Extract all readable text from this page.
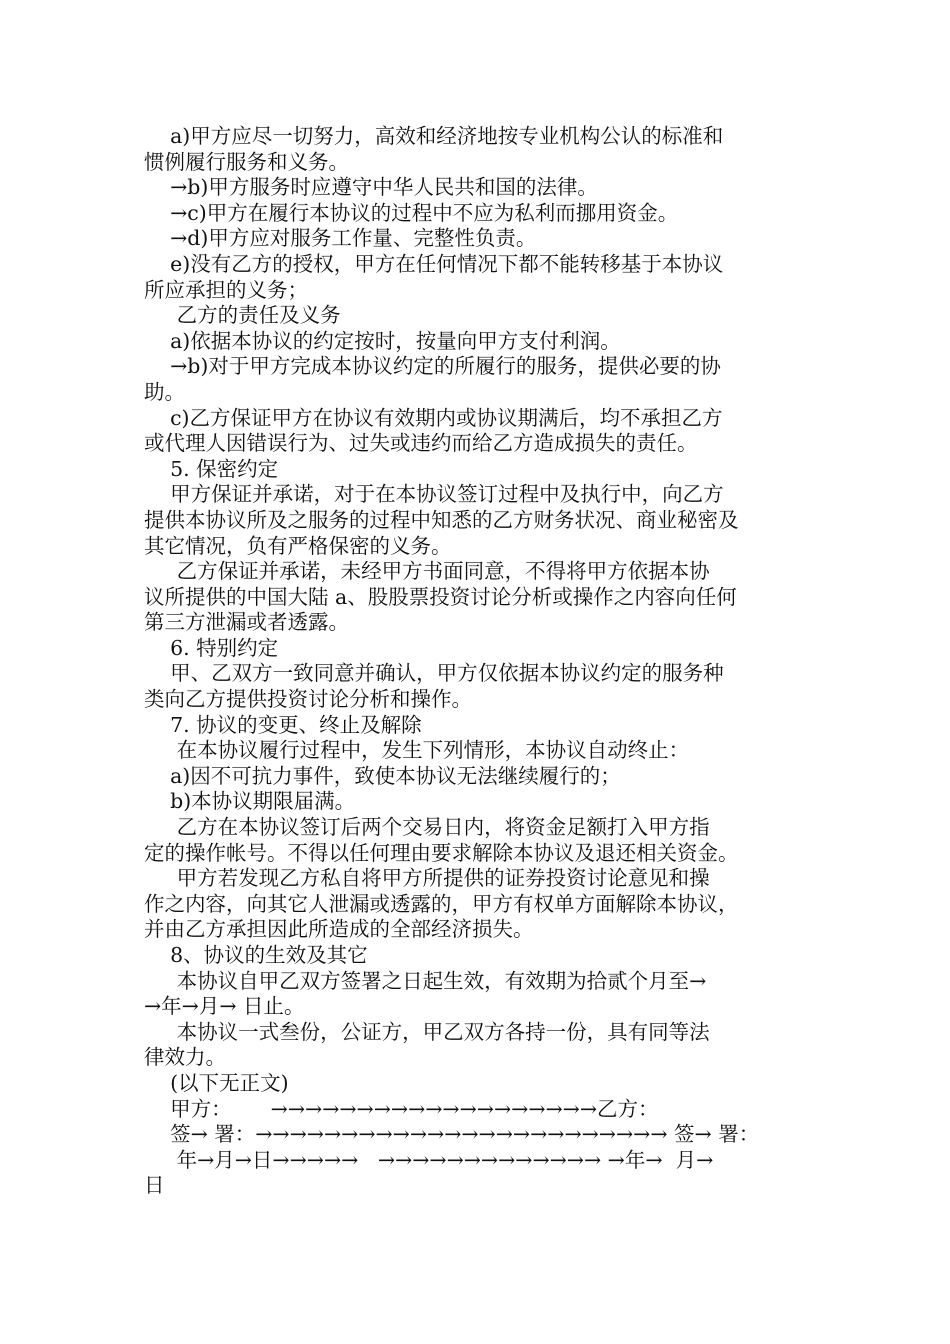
a)甲方应尽一切努力，高效和经济地按专业机构公认的标准和
惯例履行服务和义务。
→b)甲方服务时应遵守中华人民共和国的法律。
→c)甲方在履行本协议的过程中不应为私利而挪用资金。
→d)甲方应对服务工作量、完整性负责。
e)没有乙方的授权，甲方在任何情况下都不能转移基于本协议
所应承担的义务；
乙方的责任及义务
a)依据本协议的约定按时，按量向甲方支付利润。
→b)对于甲方完成本协议约定的所履行的服务，提供必要的协
助。
c)乙方保证甲方在协议有效期内或协议期满后，均不承担乙方
或代理人因错误行为、过失或违约而给乙方造成损失的责任。
5. 保密约定
甲方保证并承诺，对于在本协议签订过程中及执行中，向乙方
提供本协议所及之服务的过程中知悉的乙方财务状况、商业秘密及
其它情况，负有严格保密的义务。
乙方保证并承诺，未经甲方书面同意，不得将甲方依据本协
议所提供的中国大陆 a、股股票投资讨论分析或操作之内容向任何
第三方泄漏或者透露。
6. 特别约定
甲、乙双方一致同意并确认，甲方仅依据本协议约定的服务种
类向乙方提供投资讨论分析和操作。
7. 协议的变更、终止及解除
在本协议履行过程中，发生下列情形，本协议自动终止：
a)因不可抗力事件，致使本协议无法继续履行的；
b)本协议期限届满。
乙方在本协议签订后两个交易日内，将资金足额打入甲方指
定的操作帐号。不得以任何理由要求解除本协议及退还相关资金。
甲方若发现乙方私自将甲方所提供的证券投资讨论意见和操
作之内容，向其它人泄漏或透露的，甲方有权单方面解除本协议，
并由乙方承担因此所造成的全部经济损失。
8、协议的生效及其它
本协议自甲乙双方签署之日起生效，有效期为拾贰个月至→
→年→月→ 日止。
本协议一式叁份，公证方，甲乙双方各持一份，具有同等法
律效力。
(以下无正文)
甲方：      →→→→→→→→→→→→→→→→→→→乙方：
签→ 署：→→→→→→→→→→→→→→→→→→→→→→→→ 签→ 署：
年→月→日→→→→→   →→→→→→→→→→→→→ →年→  月→
日
